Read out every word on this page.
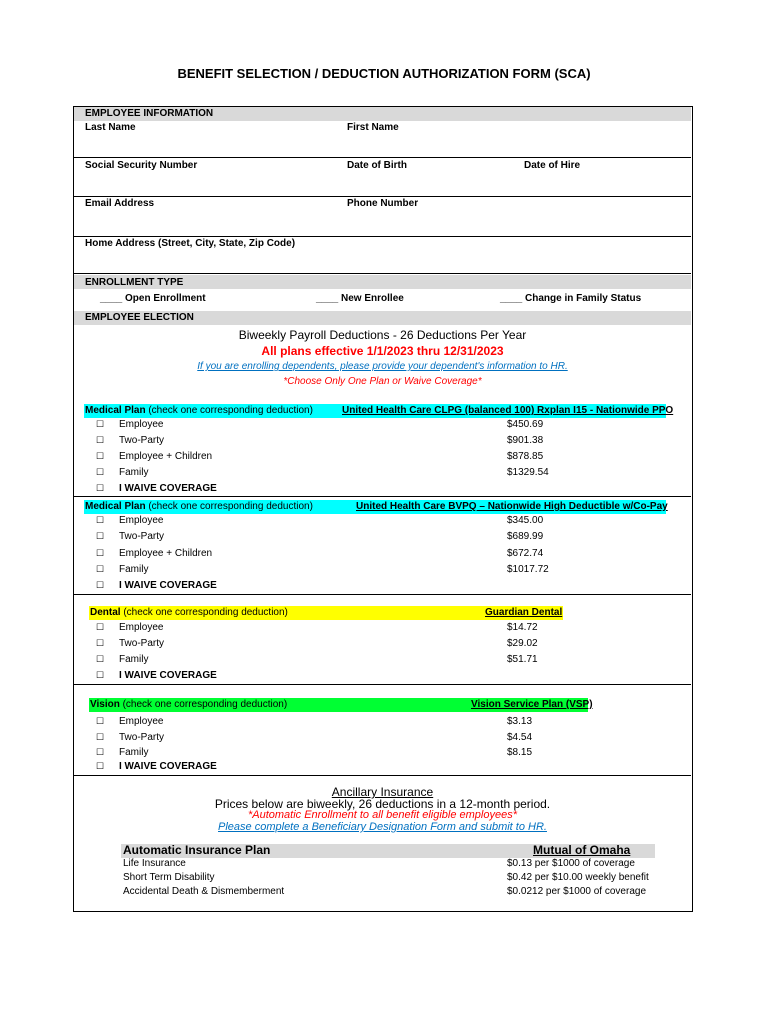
BENEFIT SELECTION / DEDUCTION AUTHORIZATION FORM (SCA)
EMPLOYEE INFORMATION
Last Name	First Name
Social Security Number	Date of Birth	Date of Hire
Email Address	Phone Number
Home Address (Street, City, State, Zip Code)
ENROLLMENT TYPE
____ Open Enrollment	____ New Enrollee	____ Change in Family Status
EMPLOYEE ELECTION
Biweekly Payroll Deductions - 26 Deductions Per Year
All plans effective 1/1/2023 thru 12/31/2023
If you are enrolling dependents, please provide your dependent's information to HR.
*Choose Only One Plan or Waive Coverage*
Medical Plan (check one corresponding deduction)	United Health Care CLPG (balanced 100) Rxplan I15 - Nationwide PPO
☐ Employee	$450.69
☐ Two-Party	$901.38
☐ Employee + Children	$878.85
☐ Family	$1329.54
☐ I WAIVE COVERAGE
Medical Plan (check one corresponding deduction)	United Health Care BVPQ – Nationwide High Deductible w/Co-Pay
☐ Employee	$345.00
☐ Two-Party	$689.99
☐ Employee + Children	$672.74
☐ Family	$1017.72
☐ I WAIVE COVERAGE
Dental (check one corresponding deduction)	Guardian Dental
☐ Employee	$14.72
☐ Two-Party	$29.02
☐ Family	$51.71
☐ I WAIVE COVERAGE
Vision (check one corresponding deduction)	Vision Service Plan (VSP)
☐ Employee	$3.13
☐ Two-Party	$4.54
☐ Family	$8.15
☐ I WAIVE COVERAGE
Ancillary Insurance
Prices below are biweekly, 26 deductions in a 12-month period.
*Automatic Enrollment to all benefit eligible employees*
Please complete a Beneficiary Designation Form and submit to HR.
Automatic Insurance Plan	Mutual of Omaha
Life Insurance	$0.13 per $1000 of coverage
Short Term Disability	$0.42 per $10.00 weekly benefit
Accidental Death & Dismemberment	$0.0212 per $1000 of coverage
